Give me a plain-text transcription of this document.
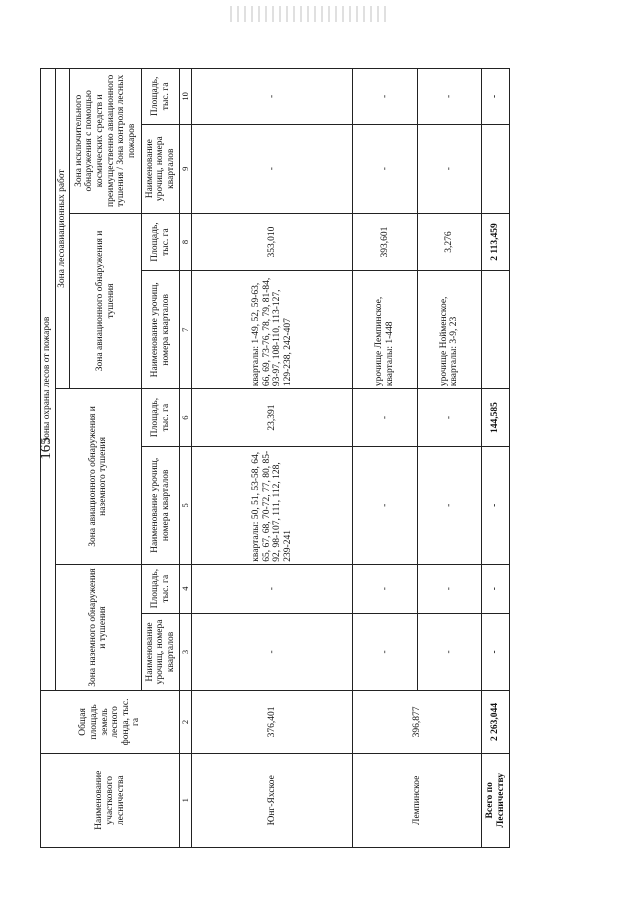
165
Наименование участкового лесничества	Общая площадь земель лесного фонда, тыс. га	Зоны охраны лесов от пожаров							
		Зона наземного обнаружения и тушения		Зона авиационного обнаружения и наземного тушения		Зона лесоавиационных работ			
						Зона авиационного обнаружения и тушения		Зона исключительного обнаружения с помощью космических средств и преимущественно авиационного тушения / Зона контроля лесных пожаров	
		Наименование урочищ, номера кварталов	Площадь, тыс. га	Наименование урочищ, номера кварталов	Площадь, тыс. га	Наименование урочищ, номера кварталов	Площадь, тыс. га	Наименование урочищ, номера кварталов	Площадь, тыс. га
1	2	3	4	5	6	7	8	9	10
Юнг-Яхское	376,401	-	-	кварталы: 50, 51, 53-58, 64, 65, 67, 68, 70-72, 77, 80, 85-92, 98-107, 111, 112, 128, 239-241	23,391	кварталы: 1-49, 52, 59-63, 66, 69, 73-76, 78, 79, 81-84, 93-97, 108-110, 113-127, 129-238, 242-407	353,010	-	-
Лемпинское	396,877	-	-	-	-	урочище Лемпинское, кварталы: 1-448	393,601	-	-
		-	-	-	-	урочище Нойменское, кварталы: 3-9, 23	3,276	-	-
Всего по Лесничеству	2 263,044	-	-	-	144,585		2 113,459		-
